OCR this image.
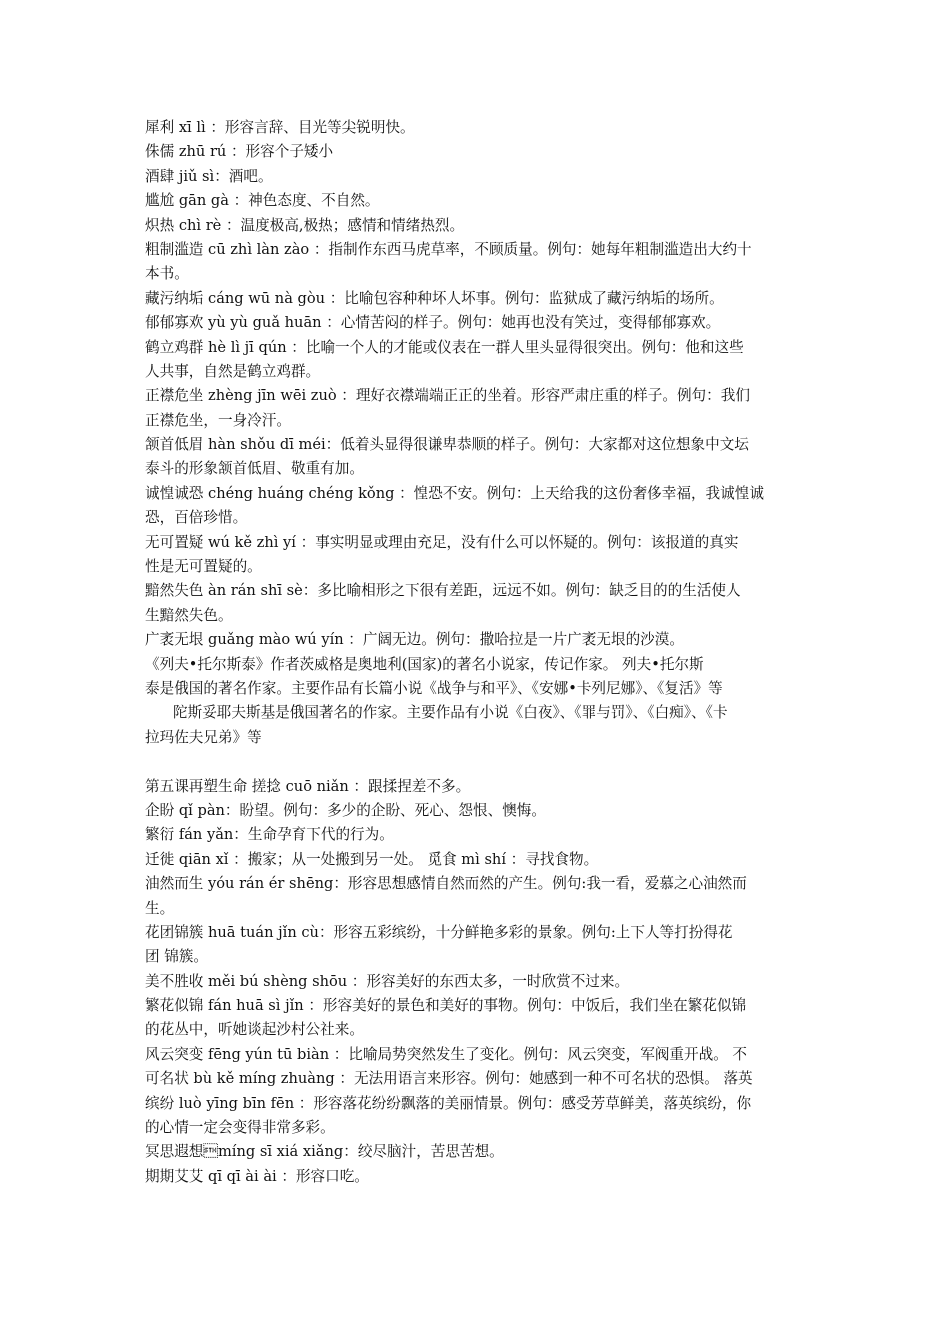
犀利 xī lì ：形容言辞、目光等尖锐明快。
侏儒 zhū rú ：形容个子矮小
酒肆 jiǔ sì：酒吧。
尴尬 gān gà ：神色态度、不自然。
炽热 chì rè ：温度极高,极热；感情和情绪热烈。
粗制滥造 cū zhì làn zào ：指制作东西马虎草率，不顾质量。例句：她每年粗制滥造出大约十
本书。
藏污纳垢 cáng wū nà gòu ：比喻包容种种坏人坏事。例句：监狱成了藏污纳垢的场所。
郁郁寡欢 yù yù guǎ huān ：心情苦闷的样子。例句：她再也没有笑过，变得郁郁寡欢。
鹤立鸡群 hè lì jī qún ：比喻一个人的才能或仪表在一群人里头显得很突出。例句：他和这些
人共事，自然是鹤立鸡群。
正襟危坐 zhèng jīn wēi zuò ：理好衣襟端端正正的坐着。形容严肃庄重的样子。例句：我们
正襟危坐，一身冷汗。
颔首低眉 hàn shǒu dī méi：低着头显得很谦卑恭顺的样子。例句：大家都对这位想象中文坛
泰斗的形象颔首低眉、敬重有加。
诚惶诚恐 chéng huáng chéng kǒng ：惶恐不安。例句：上天给我的这份奢侈幸福，我诚惶诚
恐，百倍珍惜。
无可置疑 wú kě zhì yí ：事实明显或理由充足，没有什么可以怀疑的。例句：该报道的真实
性是无可置疑的。
黯然失色 àn rán shī sè：多比喻相形之下很有差距，远远不如。例句：缺乏目的的生活使人
生黯然失色。
广袤无垠 guǎng mào wú yín ：广阔无边。例句：撒哈拉是一片广袤无垠的沙漠。
《列夫•托尔斯泰》作者茨威格是奥地利(国家)的著名小说家，传记作家。 列夫•托尔斯
泰是俄国的著名作家。主要作品有长篇小说《战争与和平》、《安娜•卡列尼娜》、《复活》等
陀斯妥耶夫斯基是俄国著名的作家。主要作品有小说《白夜》、《罪与罚》、《白痴》、《卡
拉玛佐夫兄弟》等
第五课再塑生命 搓捻 cuō niǎn ：跟揉捏差不多。
企盼 qǐ pàn：盼望。例句：多少的企盼、死心、怨恨、懊悔。
繁衍 fán yǎn：生命孕育下代的行为。
迁徙 qiān xǐ ：搬家；从一处搬到另一处。 觅食 mì shí ：寻找食物。
油然而生 yóu rán ér shēng：形容思想感情自然而然的产生。例句:我一看，爱慕之心油然而
生。
花团锦簇 huā tuán jǐn cù：形容五彩缤纷，十分鲜艳多彩的景象。例句:上下人等打扮得花
团 锦簇。
美不胜收 měi bú shèng shōu ：形容美好的东西太多，一时欣赏不过来。
繁花似锦 fán huā sì jǐn ：形容美好的景色和美好的事物。例句：中饭后，我们坐在繁花似锦
的花丛中，听她谈起沙村公社来。
风云突变 fēng yún tū biàn ：比喻局势突然发生了变化。例句：风云突变，军阀重开战。 不
可名状 bù kě míng zhuàng ：无法用语言来形容。例句：她感到一种不可名状的恐惧。 落英
缤纷 luò yīng bīn fēn ：形容落花纷纷飘落的美丽情景。例句：感受芳草鲜美，落英缤纷，你
的心情一定会变得非常多彩。
冥思遐想míng sī xiá xiǎng：绞尽脑汁，苦思苦想。
期期艾艾 qī qī ài ài ：形容口吃。
